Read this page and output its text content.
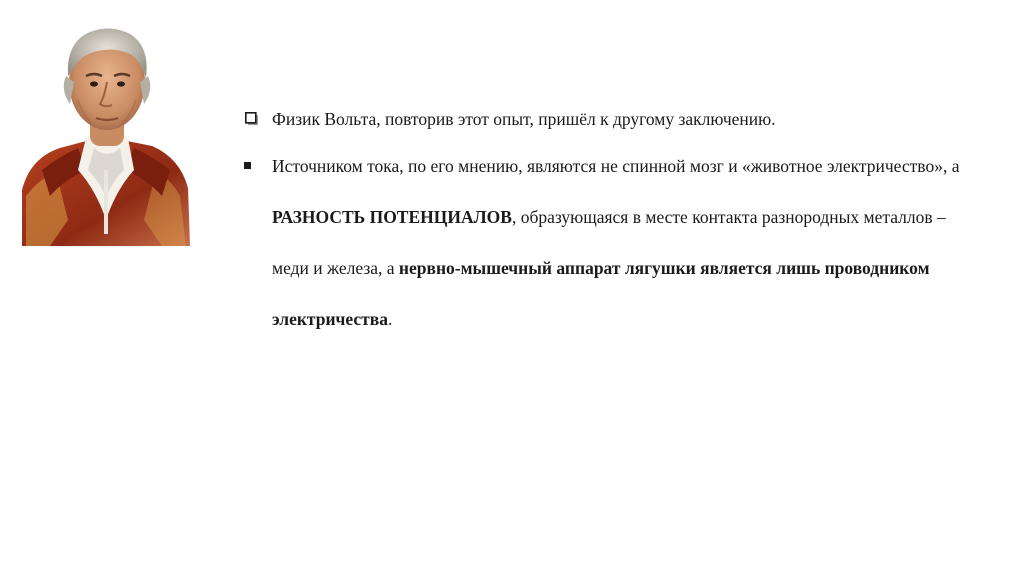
Физик Вольта, повторив этот опыт, пришёл к другому заключению.
Источником тока, по его мнению, являются не спинной мозг и «животное электричество», а РАЗНОСТЬ ПОТЕНЦИАЛОВ, образующаяся в месте контакта разнородных металлов – меди и железа, а нервно-мышечный аппарат лягушки является лишь проводником электричества.
